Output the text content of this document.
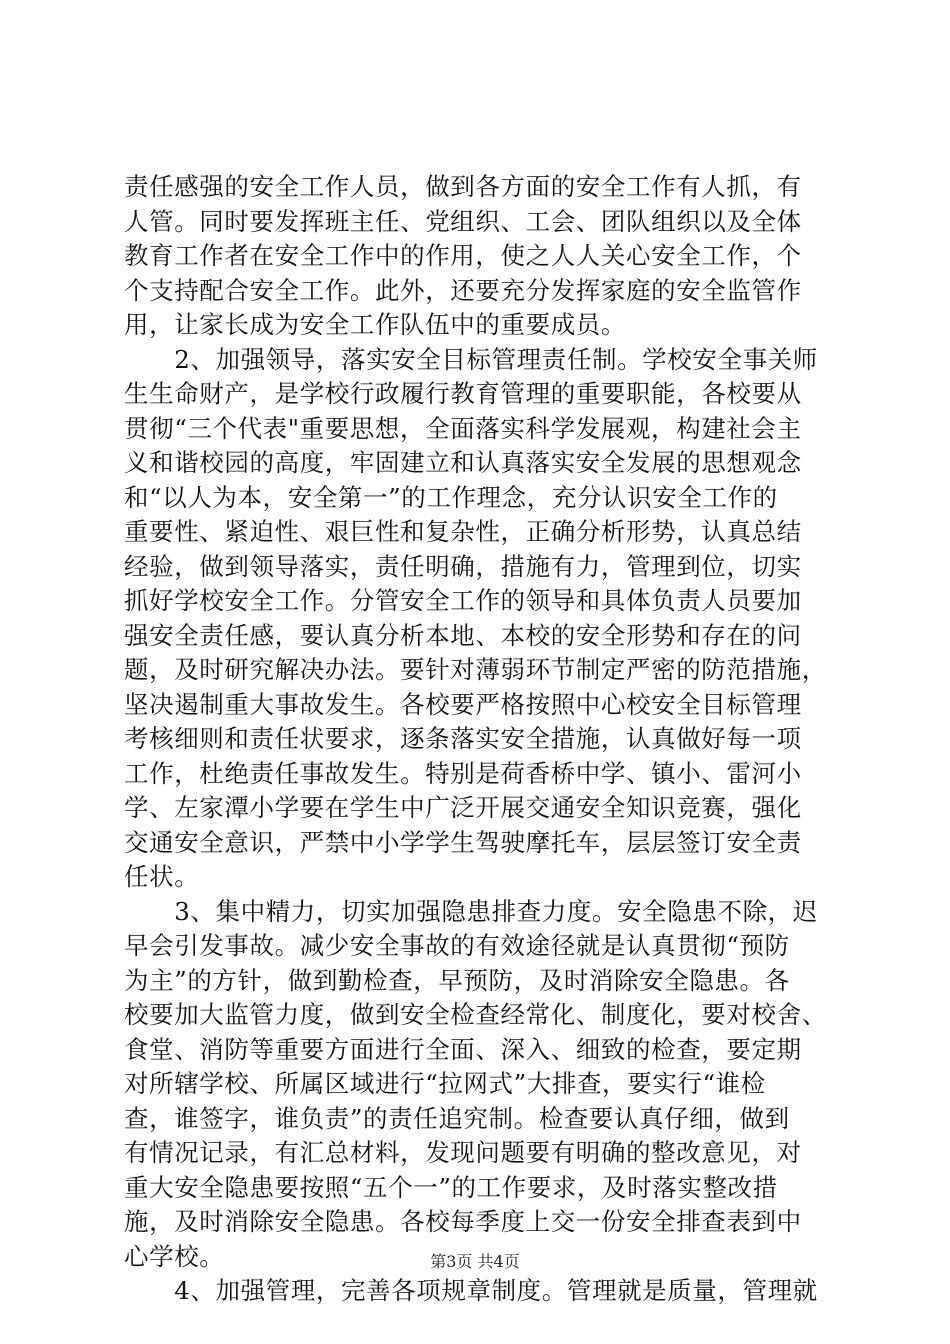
责任感强的安全工作人员，做到各方面的安全工作有人抓，有
人管。同时要发挥班主任、党组织、工会、团队组织以及全体
教育工作者在安全工作中的作用，使之人人关心安全工作，个
个支持配合安全工作。此外，还要充分发挥家庭的安全监管作
用，让家长成为安全工作队伍中的重要成员。
　　2、加强领导，落实安全目标管理责任制。学校安全事关师
生生命财产，是学校行政履行教育管理的重要职能，各校要从
贯彻“三个代表"重要思想，全面落实科学发展观，构建社会主
义和谐校园的高度，牢固建立和认真落实安全发展的思想观念
和“以人为本，安全第一”的工作理念，充分认识安全工作的
重要性、紧迫性、艰巨性和复杂性，正确分析形势，认真总结
经验，做到领导落实，责任明确，措施有力，管理到位，切实
抓好学校安全工作。分管安全工作的领导和具体负责人员要加
强安全责任感，要认真分析本地、本校的安全形势和存在的问
题，及时研究解决办法。要针对薄弱环节制定严密的防范措施，
坚决遏制重大事故发生。各校要严格按照中心校安全目标管理
考核细则和责任状要求，逐条落实安全措施，认真做好每一项
工作，杜绝责任事故发生。特别是荷香桥中学、镇小、雷河小
学、左家潭小学要在学生中广泛开展交通安全知识竞赛，强化
交通安全意识，严禁中小学学生驾驶摩托车，层层签订安全责
任状。
　　3、集中精力，切实加强隐患排查力度。安全隐患不除，迟
早会引发事故。减少安全事故的有效途径就是认真贯彻“预防
为主”的方针，做到勤检查，早预防，及时消除安全隐患。各
校要加大监管力度，做到安全检查经常化、制度化，要对校舍、
食堂、消防等重要方面进行全面、深入、细致的检查，要定期
对所辖学校、所属区域进行“拉网式”大排查，要实行“谁检
查，谁签字，谁负责”的责任追究制。检查要认真仔细，做到
有情况记录，有汇总材料，发现问题要有明确的整改意见，对
重大安全隐患要按照“五个一”的工作要求，及时落实整改措
施，及时消除安全隐患。各校每季度上交一份安全排查表到中
心学校。
　　4、加强管理，完善各项规章制度。管理就是质量，管理就
第3页 共4页
